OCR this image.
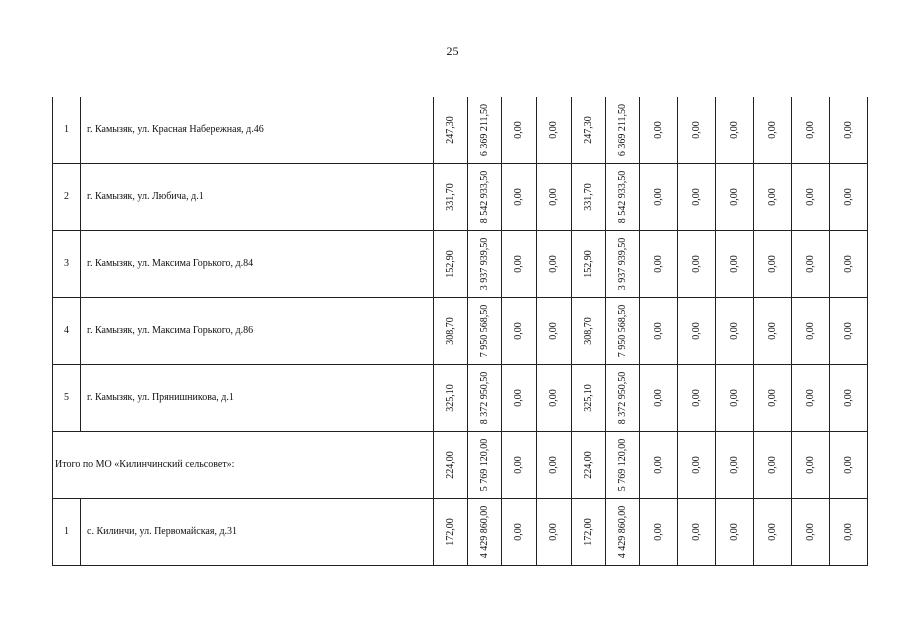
25
1	г. Камызяк, ул. Красная Набережная, д.46	247,30	6 369 211,50	0,00	0,00	247,30	6 369 211,50	0,00	0,00	0,00	0,00	0,00	0,00

2	г. Камызяк, ул. Любича, д.1	331,70	8 542 933,50	0,00	0,00	331,70	8 542 933,50	0,00	0,00	0,00	0,00	0,00	0,00

3	г. Камызяк, ул. Максима Горького, д.84	152,90	3 937 939,50	0,00	0,00	152,90	3 937 939,50	0,00	0,00	0,00	0,00	0,00	0,00

4	г. Камызяк, ул. Максима Горького, д.86	308,70	7 950 568,50	0,00	0,00	308,70	7 950 568,50	0,00	0,00	0,00	0,00	0,00	0,00

5	г. Камызяк, ул. Прянишникова, д.1	325,10	8 372 950,50	0,00	0,00	325,10	8 372 950,50	0,00	0,00	0,00	0,00	0,00	0,00

Итого по МО «Килинчинский сельсовет»:		224,00	5 769 120,00	0,00	0,00	224,00	5 769 120,00	0,00	0,00	0,00	0,00	0,00	0,00

1	с. Килинчи, ул. Первомайская, д.31	172,00	4 429 860,00	0,00	0,00	172,00	4 429 860,00	0,00	0,00	0,00	0,00	0,00	0,00
